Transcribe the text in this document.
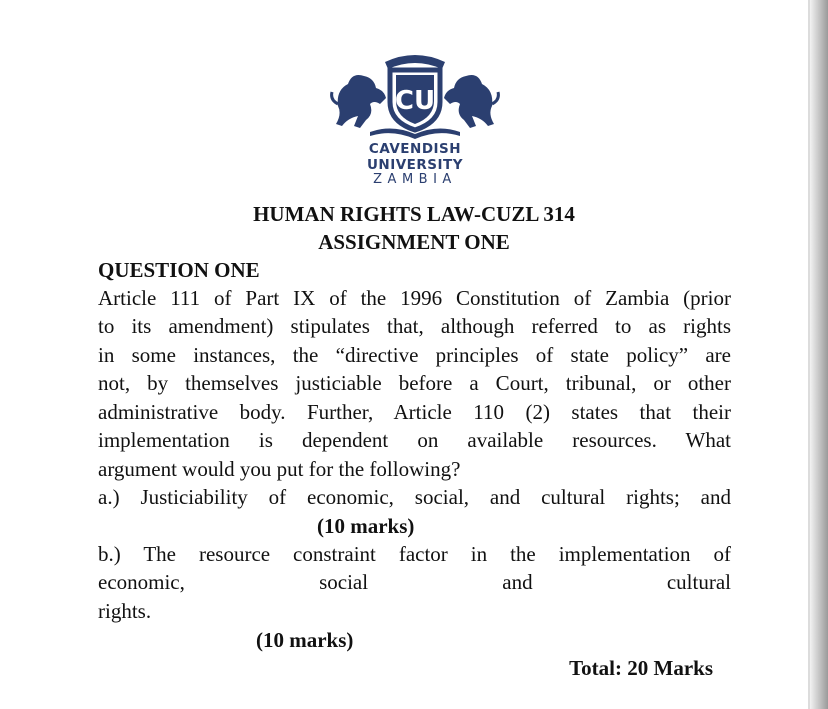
CU
CAVENDISH
UNIVERSITY
ZAMBIA
HUMAN RIGHTS LAW-CUZL 314
ASSIGNMENT ONE
QUESTION ONE
Article 111 of Part IX of the 1996 Constitution of Zambia (prior
to its amendment) stipulates that, although referred to as rights
in some instances, the “directive principles of state policy” are
not, by themselves justiciable before a Court, tribunal, or other
administrative body. Further, Article 110 (2) states that their
implementation is dependent on available resources. What
argument would you put for the following?
a.) Justiciability of economic, social, and cultural rights; and
(10 marks)
b.) The resource constraint factor in the implementation of
economic, social and cultural
rights.
(10 marks)
Total: 20 Marks
